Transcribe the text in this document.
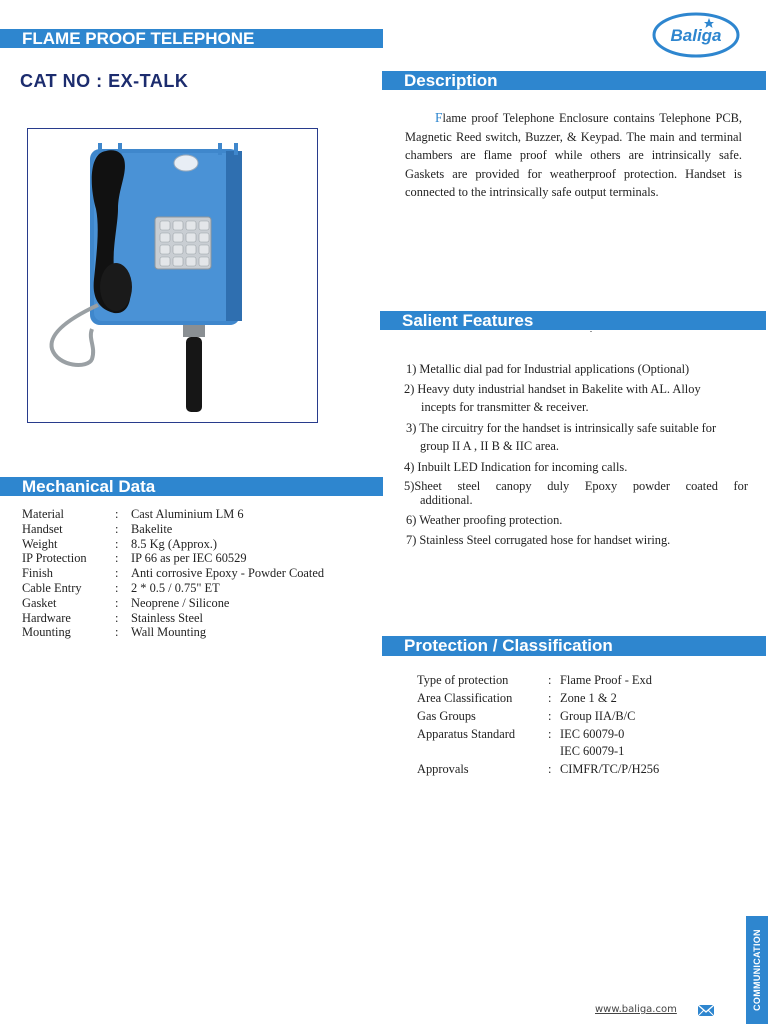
FLAME PROOF TELEPHONE	Baliga
CAT NO : EX-TALK	Description
Flame proof Telephone Enclosure contains Telephone PCB, Magnetic Reed switch, Buzzer, & Keypad. The main and terminal chambers are flame proof while others are intrinsically safe. Gaskets are provided for weatherproof protection. Handset is connected to the intrinsically safe output terminals.
Salient Features
1) Metallic dial pad for Industrial applications (Optional)
2) Heavy duty industrial handset in Bakelite with AL. Alloy
incepts for transmitter & receiver.
3) The circuitry for the handset is intrinsically safe suitable for
group II A , II B & IIC area.
4) Inbuilt LED Indication for incoming calls.
5)Sheet steel canopy duly Epoxy powder coated for
additional.
6) Weather proofing protection.
7) Stainless Steel corrugated hose for handset wiring.
Mechanical Data
Material	: Cast Aluminium LM 6
Handset	: Bakelite
Weight	: 8.5 Kg (Approx.)
IP Protection : IP 66 as per IEC 60529
Finish	: Anti corrosive Epoxy - Powder Coated
Cable Entry	: 2 * 0.5 / 0.75" ET
Gasket	: Neoprene / Silicone
Hardware	: Stainless Steel
Mounting	: Wall Mounting
Protection / Classification
Type of protection	: Flame Proof - Exd
Area Classification	: Zone 1 & 2
Gas Groups	: Group IIA/B/C
Apparatus Standard	: IEC 60079-0
IEC 60079-1
Approvals	: CIMFR/TC/P/H256
COMMUNICATION
www.baliga.com
